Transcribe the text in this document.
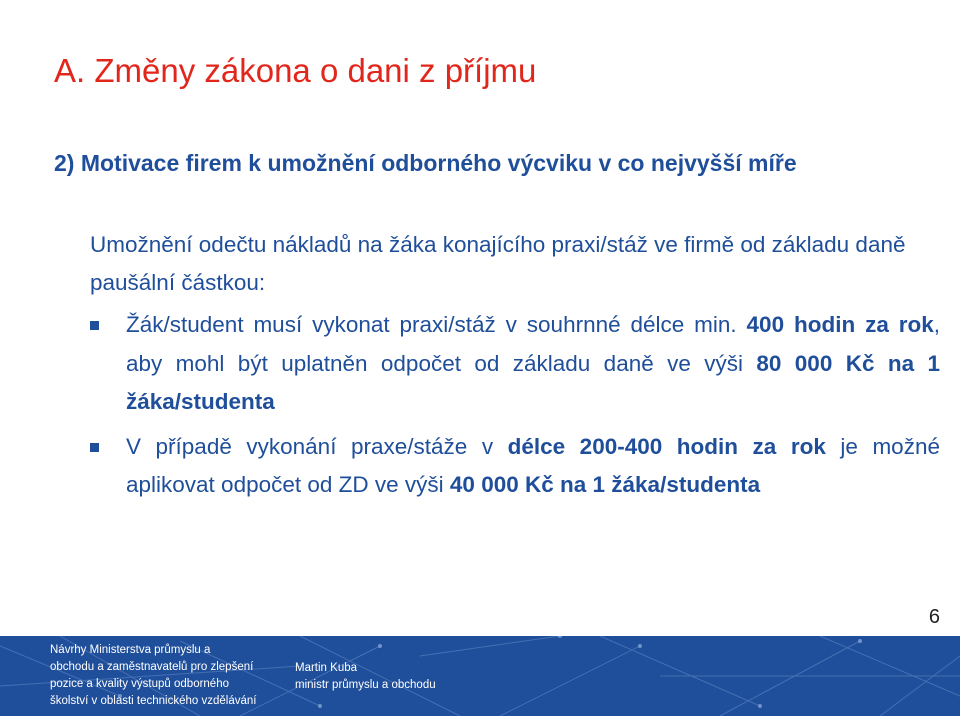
A. Změny zákona o dani z příjmu
2) Motivace firem k umožnění odborného výcviku v co nejvyšší míře
Umožnění odečtu nákladů na žáka konajícího praxi/stáž ve firmě od základu daně paušální částkou:
Žák/student musí vykonat praxi/stáž v souhrnné délce min. 400 hodin za rok, aby mohl být uplatněn odpočet od základu daně ve výši 80 000 Kč na 1 žáka/studenta
V případě vykonání praxe/stáže v délce 200-400 hodin za rok je možné aplikovat odpočet od ZD ve výši 40 000 Kč na 1 žáka/studenta
6
Návrhy Ministerstva průmyslu a
obchodu a zaměstnavatelů pro zlepšení
pozice a kvality výstupů odborného
školství v oblasti technického vzdělávání
Martin Kuba
ministr průmyslu a obchodu
